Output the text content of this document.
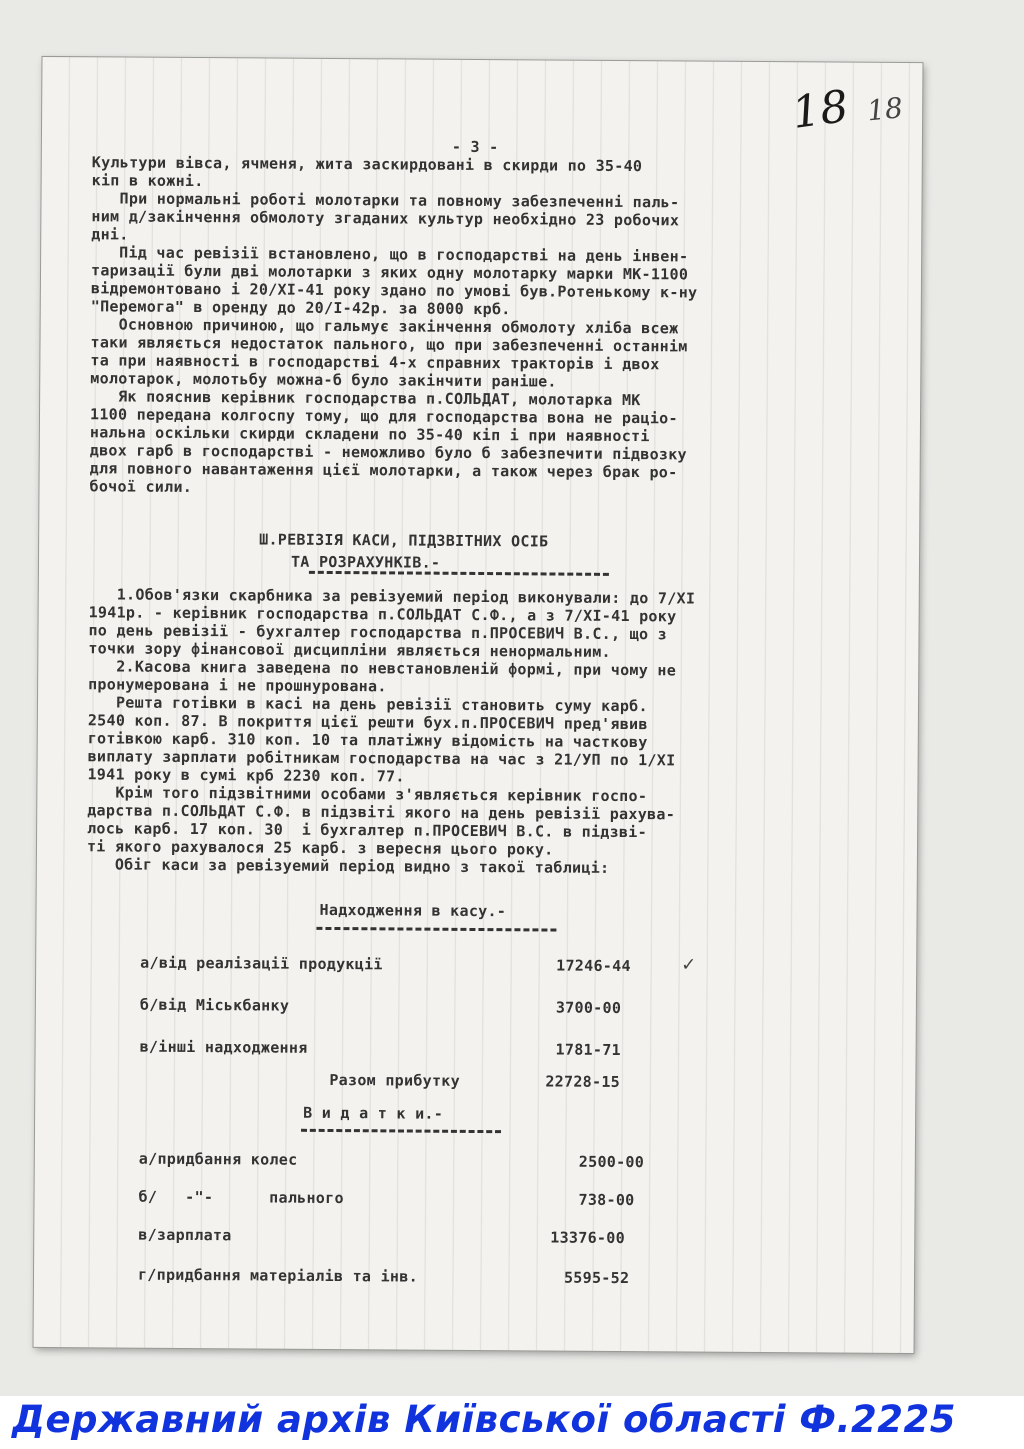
- 3 -
18 18
Культури вівса, ячменя, жита заскирдовані в скирди по 35-40
кіп в кожні.
При нормальні роботі молотарки та повному забезпеченні паль-
ним д/закінчення обмолоту згаданих культур необхідно 23 робочих
дні.
Під час ревізії встановлено, що в господарстві на день інвен-
таризації були дві молотарки з яких одну молотарку марки МК-1100
відремонтовано і 20/XI-41 року здано по умові був.Ротенькому к-ну
"Перемога" в оренду до 20/I-42р. за 8000 крб.
Основною причиною, що гальмує закінчення обмолоту хліба всеж
таки являється недостаток пального, що при забезпеченні останнім
та при наявності в господарстві 4-х справних тракторів і двох
молотарок, молотьбу можна-б було закінчити раніше.
Як пояснив керівник господарства п.СОЛЬДАТ, молотарка МК
1100 передана колгоспу тому, що для господарства вона не раціо-
нальна оскільки скирди складени по 35-40 кіп і при наявності
двох гарб в господарстві - неможливо було б забезпечити підвозку
для повного навантаження цієї молотарки, а також через брак ро-
бочої сили.
Ш.РЕВІЗІЯ КАСИ, ПІДЗВІТНИХ ОСІБ
ТА РОЗРАХУНКІВ.-
1.Обов'язки скарбника за ревізуемий період виконували: до 7/XI
1941р. - керівник господарства п.СОЛЬДАТ С.Ф., а з 7/XI-41 року
по день ревізії - бухгалтер господарства п.ПРОСЕВИЧ В.С., що з
точки зору фінансової дисципліни являється ненормальним.
2.Касова книга заведена по невстановленій формі, при чому не
пронумерована і не прошнурована.
Решта готівки в касі на день ревізії становить суму карб.
2540 коп. 87. В покриття цієї решти бух.п.ПРОСЕВИЧ пред'явив
готівкою карб. 310 коп. 10 та платіжну відомість на часткову
виплату зарплати робітникам господарства на час з 21/УП по 1/XI
1941 року в сумі крб 2230 коп. 77.
Крім того підзвітними особами з'являється керівник госпо-
дарства п.СОЛЬДАТ С.Ф. в підзвіті якого на день ревізії рахува-
лось карб. 17 коп. 30  і бухгалтер п.ПРОСЕВИЧ В.С. в підзві-
ті якого рахувалося 25 карб. з вересня цього року.
Обіг каси за ревізуемий період видно з такої таблиці:
Надходження в касу.-
а/від реалізації продукції	17246-44
б/від Міськбанку	3700-00
в/інші надходження	1781-71
Разом прибутку	22728-15
✓
В и д а т к и.-
а/придбання колес	2500-00
б/   -"-      пального	738-00
в/зарплата	13376-00
г/придбання матеріалів та інв.	5595-52
Державний архів Київської області Ф.2225
